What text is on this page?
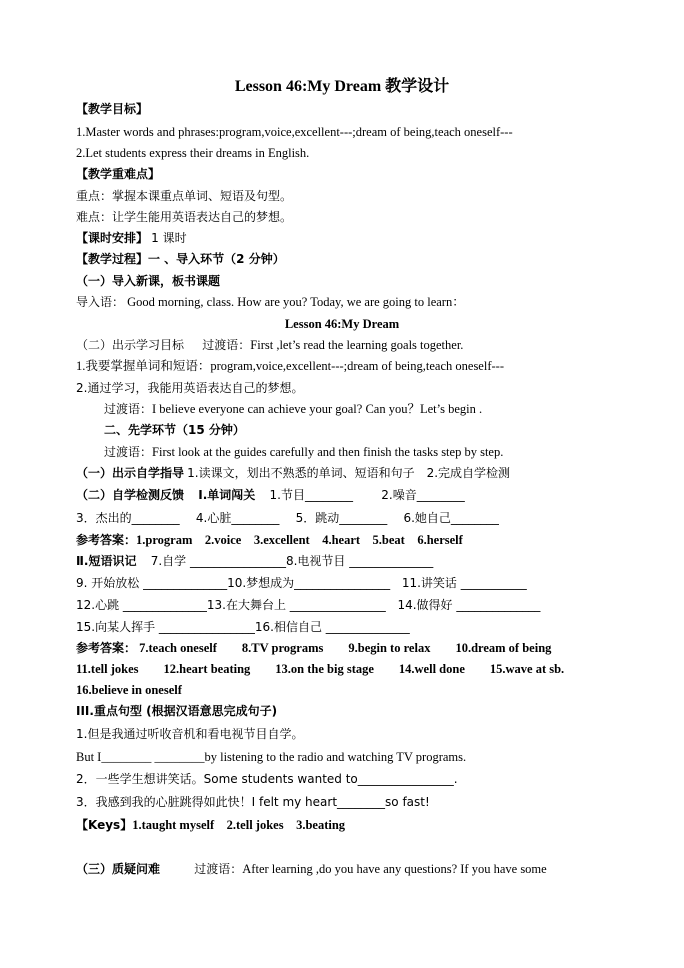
Lesson 46:My Dream 教学设计
【教学目标】
1.Master words and phrases:program,voice,excellent---;dream of being,teach oneself---
2.Let students express their dreams in English.
【教学重难点】
重点：掌握本课重点单词、短语及句型。
难点：让学生能用英语表达自己的梦想。
【课时安排】 1 课时
【教学过程】一 、导入环节（2 分钟）
（一）导入新课，板书课题
导入语： Good morning, class. How are you? Today, we are going to learn：
Lesson 46:My Dream
（二）出示学习目标 过渡语：First ,let’s read the learning goals together.
1.我要掌握单词和短语：program,voice,excellent---;dream of being,teach oneself---
2.通过学习，我能用英语表达自己的梦想。
过渡语：I believe everyone can achieve your goal? Can you？Let’s begin .
二、先学环节（15 分钟）
过渡语：First look at the guides carefully and then finish the tasks step by step.
（一）出示自学指导 1.读课文，划出不熟悉的单词、短语和句子　2.完成自学检测
（二）自学检测反馈 Ⅰ.单词闯关 1.节目________ 2.噪音________
3．杰出的________ 4.心脏________ 5．跳动________ 6.她自己________
参考答案：1.program　2.voice　3.excellent　4.heart　5.beat　6.herself
Ⅱ.短语识记 7.自学 ________________8.电视节目 ______________
9. 开始放松 ______________10.梦想成为________________ 11.讲笑话 ___________
12.心跳 ______________13.在大舞台上 ________________ 14.做得好 ______________
15.向某人挥手 ________________16.相信自己 ______________
参考答案： 7.teach oneself　　8.TV programs　　9.begin to relax　　10.dream of being
11.tell jokes　　12.heart beating　　13.on the big stage　　14.well done　　15.wave at sb.
16.believe in oneself
III.重点句型 (根据汉语意思完成句子)
1.但是我通过听收音机和看电视节目自学。
But I________ ________by listening to the radio and watching TV programs.
2．一些学生想讲笑话。Some students wanted to________________.
3．我感到我的心脏跳得如此快！I felt my heart________so fast!
【Keys】1.taught myself　2.tell jokes　3.beating
（三）质疑问难	过渡语：After learning ,do you have any questions? If you have some
